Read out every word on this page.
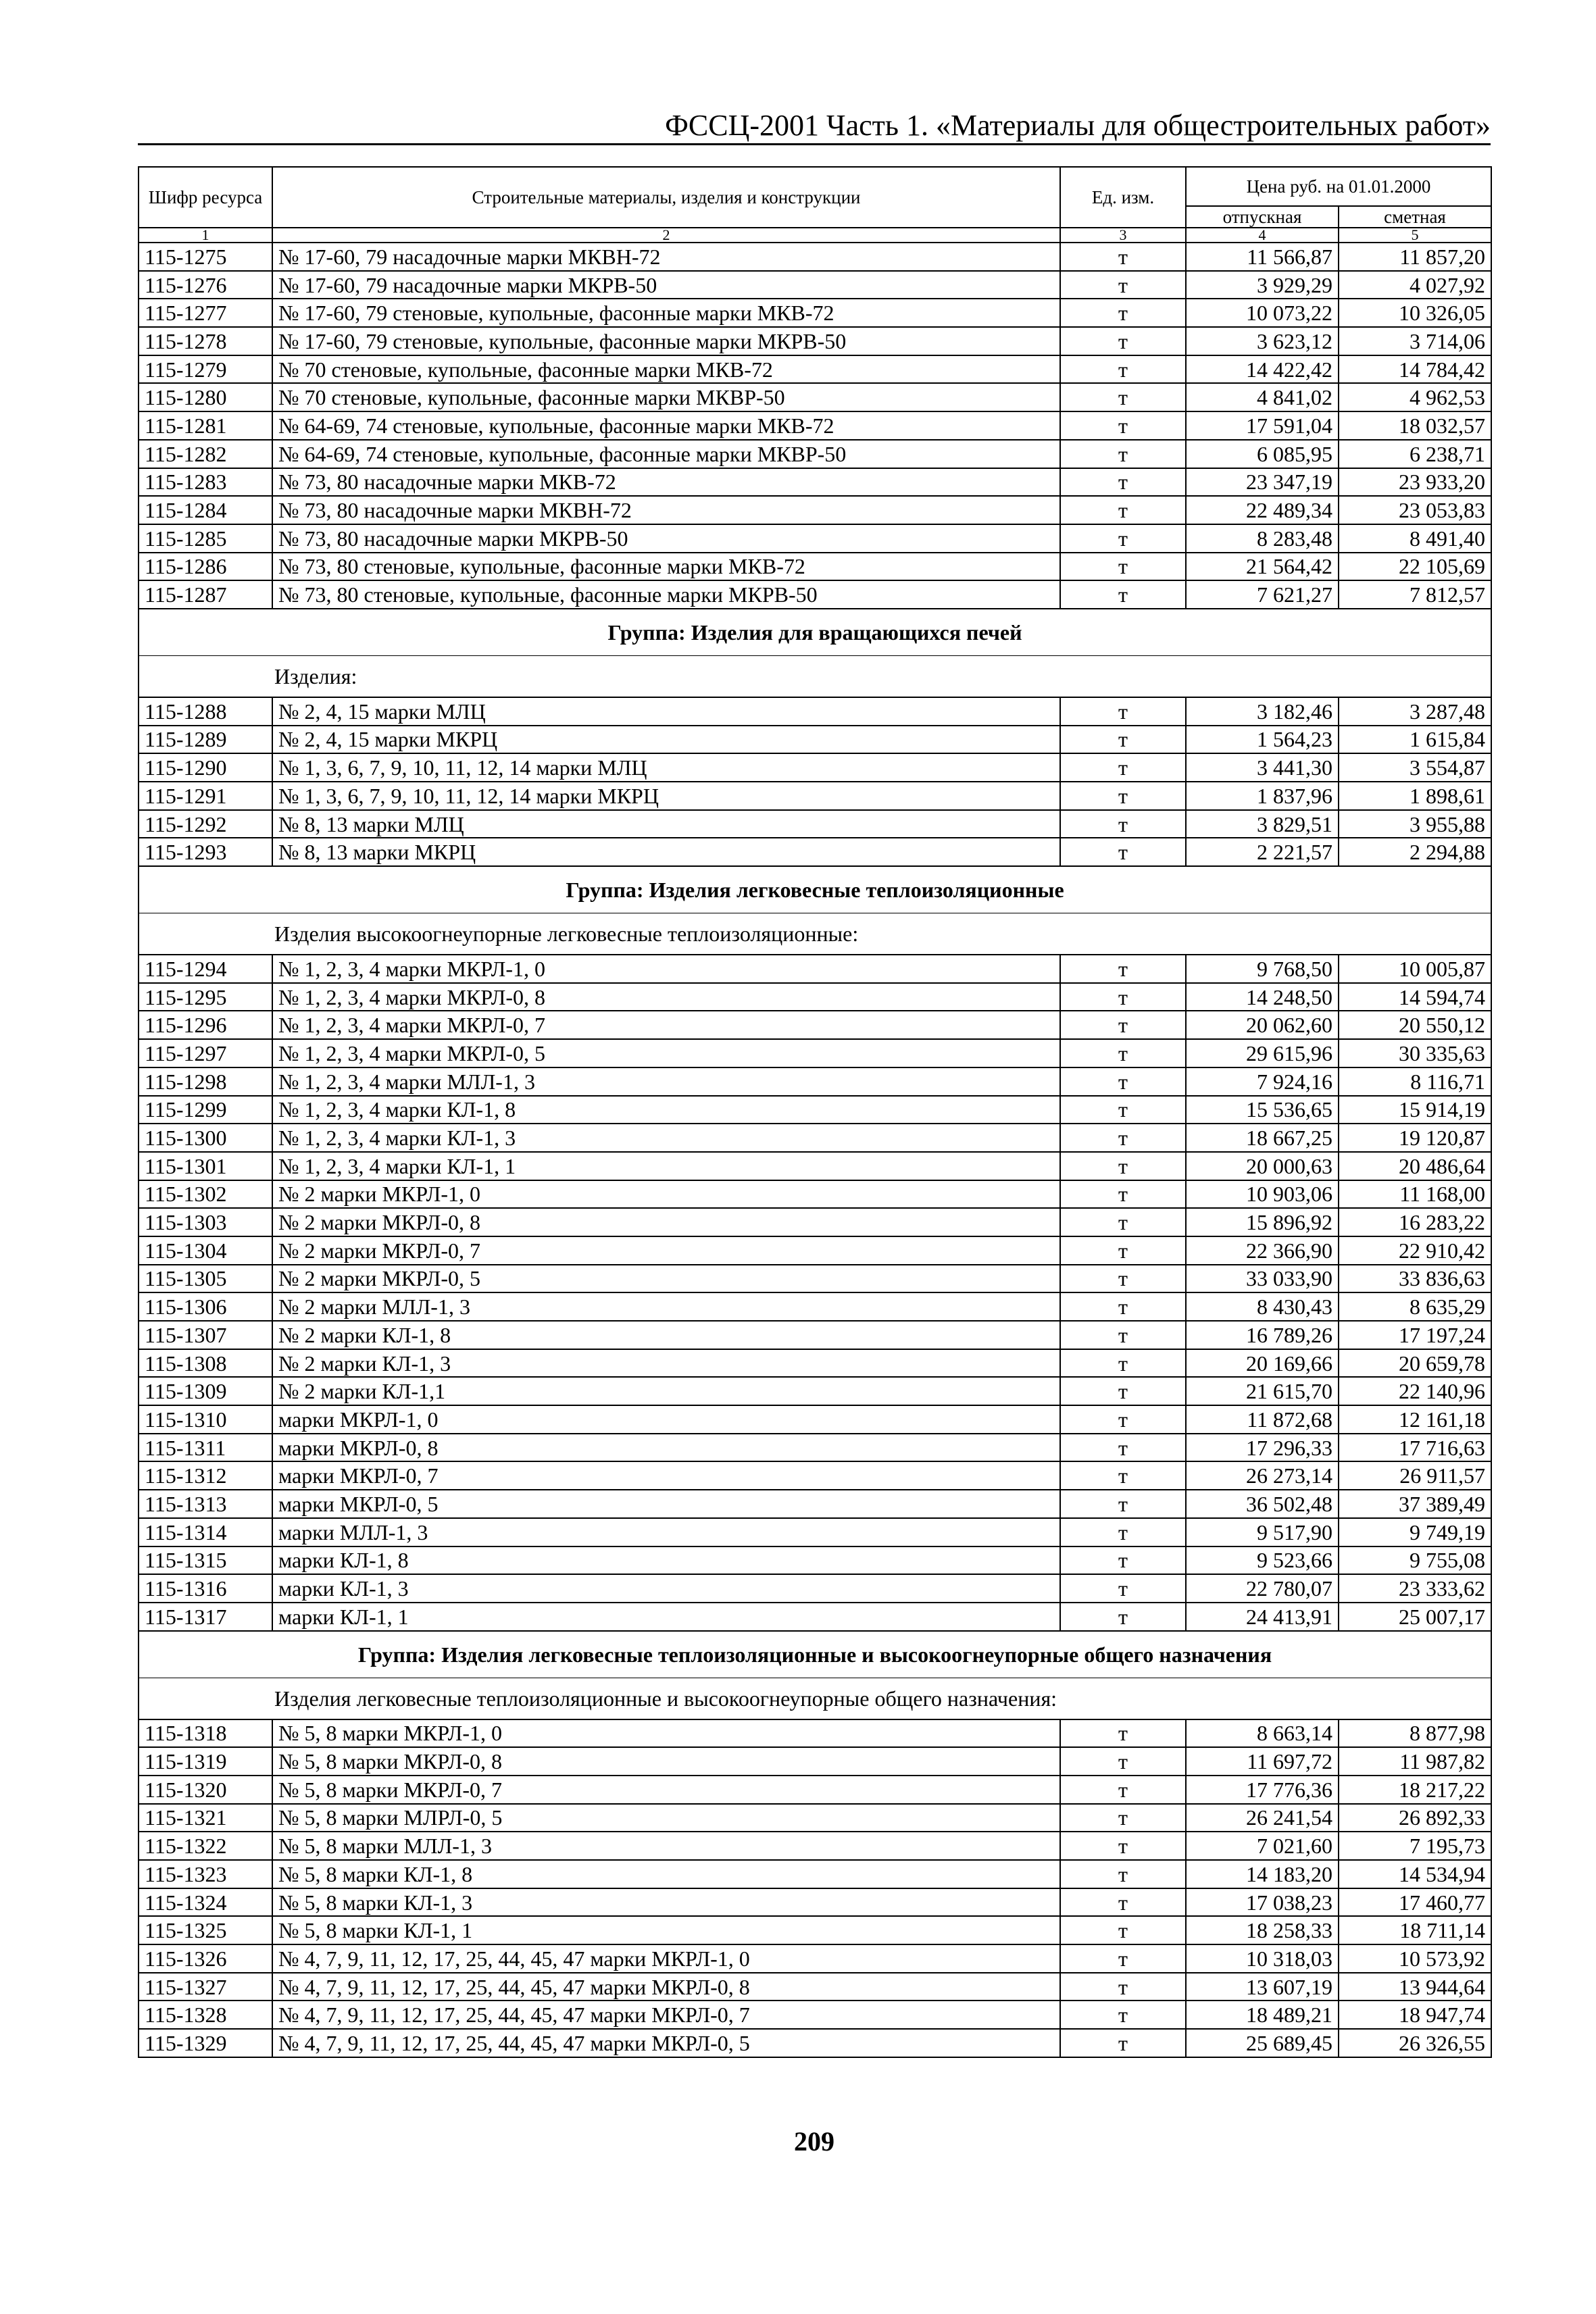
ФССЦ-2001 Часть 1. «Материалы для общестроительных работ»
Шифр ресурса	Строительные материалы, изделия и конструкции	Ед. изм.	Цена руб. на 01.01.2000	
			отпускная	сметная
1	2	3	4	5
115-1275	№ 17-60, 79 насадочные марки МКВН-72	т	11 566,87	11 857,20
115-1276	№ 17-60, 79 насадочные марки МКРВ-50	т	3 929,29	4 027,92
115-1277	№ 17-60, 79 стеновые, купольные, фасонные марки МКВ-72	т	10 073,22	10 326,05
115-1278	№ 17-60, 79 стеновые, купольные, фасонные марки МКРВ-50	т	3 623,12	3 714,06
115-1279	№ 70 стеновые, купольные, фасонные марки МКВ-72	т	14 422,42	14 784,42
115-1280	№ 70 стеновые, купольные, фасонные марки МКВР-50	т	4 841,02	4 962,53
115-1281	№ 64-69, 74 стеновые, купольные, фасонные марки МКВ-72	т	17 591,04	18 032,57
115-1282	№ 64-69, 74 стеновые, купольные, фасонные марки МКВР-50	т	6 085,95	6 238,71
115-1283	№ 73, 80 насадочные марки МКВ-72	т	23 347,19	23 933,20
115-1284	№ 73, 80 насадочные марки МКВН-72	т	22 489,34	23 053,83
115-1285	№ 73, 80 насадочные марки МКРВ-50	т	8 283,48	8 491,40
115-1286	№ 73, 80 стеновые, купольные, фасонные марки МКВ-72	т	21 564,42	22 105,69
115-1287	№ 73, 80 стеновые, купольные, фасонные марки МКРВ-50	т	7 621,27	7 812,57
Группа: Изделия для вращающихся печей				
Изделия:				
115-1288	№ 2, 4, 15 марки МЛЦ	т	3 182,46	3 287,48
115-1289	№ 2, 4, 15 марки МКРЦ	т	1 564,23	1 615,84
115-1290	№ 1, 3, 6, 7, 9, 10, 11, 12, 14 марки МЛЦ	т	3 441,30	3 554,87
115-1291	№ 1, 3, 6, 7, 9, 10, 11, 12, 14 марки МКРЦ	т	1 837,96	1 898,61
115-1292	№ 8, 13 марки МЛЦ	т	3 829,51	3 955,88
115-1293	№ 8, 13 марки МКРЦ	т	2 221,57	2 294,88
Группа: Изделия легковесные теплоизоляционные				
Изделия высокоогнеупорные легковесные теплоизоляционные:				
115-1294	№ 1, 2, 3, 4 марки МКРЛ-1, 0	т	9 768,50	10 005,87
115-1295	№ 1, 2, 3, 4 марки МКРЛ-0, 8	т	14 248,50	14 594,74
115-1296	№ 1, 2, 3, 4 марки МКРЛ-0, 7	т	20 062,60	20 550,12
115-1297	№ 1, 2, 3, 4 марки МКРЛ-0, 5	т	29 615,96	30 335,63
115-1298	№ 1, 2, 3, 4 марки МЛЛ-1, 3	т	7 924,16	8 116,71
115-1299	№ 1, 2, 3, 4 марки КЛ-1, 8	т	15 536,65	15 914,19
115-1300	№ 1, 2, 3, 4 марки КЛ-1, 3	т	18 667,25	19 120,87
115-1301	№ 1, 2, 3, 4 марки КЛ-1, 1	т	20 000,63	20 486,64
115-1302	№ 2 марки МКРЛ-1, 0	т	10 903,06	11 168,00
115-1303	№ 2 марки МКРЛ-0, 8	т	15 896,92	16 283,22
115-1304	№ 2 марки МКРЛ-0, 7	т	22 366,90	22 910,42
115-1305	№ 2 марки МКРЛ-0, 5	т	33 033,90	33 836,63
115-1306	№ 2 марки МЛЛ-1, 3	т	8 430,43	8 635,29
115-1307	№ 2 марки КЛ-1, 8	т	16 789,26	17 197,24
115-1308	№ 2 марки КЛ-1, 3	т	20 169,66	20 659,78
115-1309	№ 2 марки КЛ-1,1	т	21 615,70	22 140,96
115-1310	марки МКРЛ-1, 0	т	11 872,68	12 161,18
115-1311	марки МКРЛ-0, 8	т	17 296,33	17 716,63
115-1312	марки МКРЛ-0, 7	т	26 273,14	26 911,57
115-1313	марки МКРЛ-0, 5	т	36 502,48	37 389,49
115-1314	марки МЛЛ-1, 3	т	9 517,90	9 749,19
115-1315	марки КЛ-1, 8	т	9 523,66	9 755,08
115-1316	марки КЛ-1, 3	т	22 780,07	23 333,62
115-1317	марки КЛ-1, 1	т	24 413,91	25 007,17
Группа: Изделия легковесные теплоизоляционные и высокоогнеупорные общего назначения				
Изделия легковесные теплоизоляционные и высокоогнеупорные общего назначения:				
115-1318	№ 5, 8 марки МКРЛ-1, 0	т	8 663,14	8 877,98
115-1319	№ 5, 8 марки МКРЛ-0, 8	т	11 697,72	11 987,82
115-1320	№ 5, 8 марки МКРЛ-0, 7	т	17 776,36	18 217,22
115-1321	№ 5, 8 марки МЛРЛ-0, 5	т	26 241,54	26 892,33
115-1322	№ 5, 8 марки МЛЛ-1, 3	т	7 021,60	7 195,73
115-1323	№ 5, 8 марки КЛ-1, 8	т	14 183,20	14 534,94
115-1324	№ 5, 8 марки КЛ-1, 3	т	17 038,23	17 460,77
115-1325	№ 5, 8 марки КЛ-1, 1	т	18 258,33	18 711,14
115-1326	№ 4, 7, 9, 11, 12, 17, 25, 44, 45, 47 марки МКРЛ-1, 0	т	10 318,03	10 573,92
115-1327	№ 4, 7, 9, 11, 12, 17, 25, 44, 45, 47 марки МКРЛ-0, 8	т	13 607,19	13 944,64
115-1328	№ 4, 7, 9, 11, 12, 17, 25, 44, 45, 47 марки МКРЛ-0, 7	т	18 489,21	18 947,74
115-1329	№ 4, 7, 9, 11, 12, 17, 25, 44, 45, 47 марки МКРЛ-0, 5	т	25 689,45	26 326,55
209
